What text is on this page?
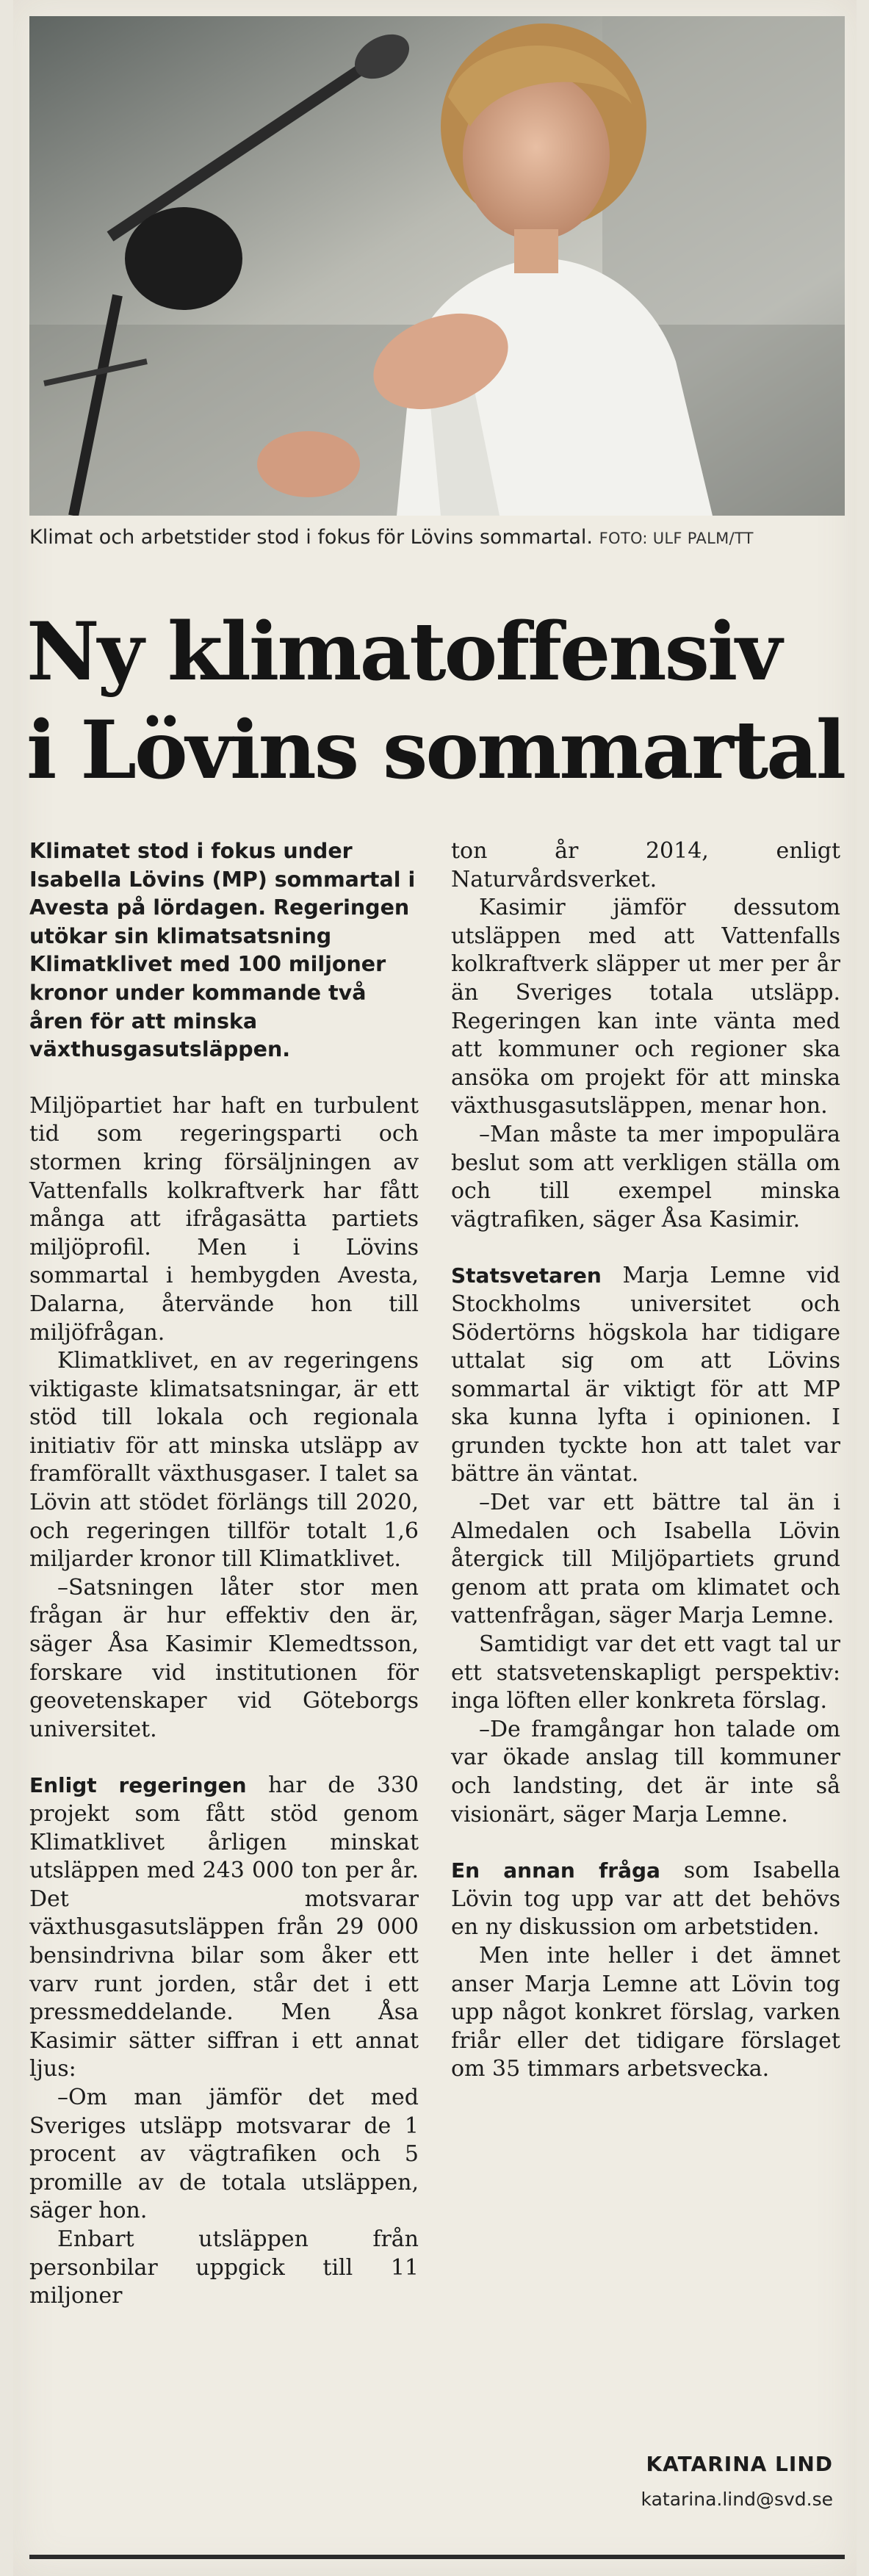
Klimat och arbetstider stod i fokus för Lövins sommartal. FOTO: ULF PALM/TT
Ny klimatoffensiv
i Lövins sommartal

Klimatet stod i fokus under Isabella Lövins (MP) sommartal i Avesta på lördagen. Regeringen utökar sin klimatsatsning Klimatklivet med 100 miljoner kronor under kommande två åren för att minska växthusgasutsläppen.

Miljöpartiet har haft en turbulent tid som regeringsparti och stormen kring försäljningen av Vattenfalls kolkraftverk har fått många att ifrågasätta partiets miljöprofil. Men i Lövins sommartal i hembygden Avesta, Dalarna, återvände hon till miljöfrågan.

Klimatklivet, en av regeringens viktigaste klimatsatsningar, är ett stöd till lokala och regionala initiativ för att minska utsläpp av framförallt växthusgaser. I talet sa Lövin att stödet förlängs till 2020, och regeringen tillför totalt 1,6 miljarder kronor till Klimatklivet.

–Satsningen låter stor men frågan är hur effektiv den är, säger Åsa Kasimir Klemedtsson, forskare vid institutionen för geovetenskaper vid Göteborgs universitet.

Enligt regeringen har de 330 projekt som fått stöd genom Klimatklivet årligen minskat utsläppen med 243 000 ton per år. Det motsvarar växthusgasutsläppen från 29 000 bensindrivna bilar som åker ett varv runt jorden, står det i ett pressmeddelande. Men Åsa Kasimir sätter siffran i ett annat ljus:

–Om man jämför det med Sveriges utsläpp motsvarar de 1 procent av vägtrafiken och 5 promille av de totala utsläppen, säger hon.

Enbart utsläppen från personbilar uppgick till 11 miljoner

ton år 2014, enligt Naturvårdsverket.

Kasimir jämför dessutom utsläppen med att Vattenfalls kolkraftverk släpper ut mer per år än Sveriges totala utsläpp. Regeringen kan inte vänta med att kommuner och regioner ska ansöka om projekt för att minska växthusgasutsläppen, menar hon.

–Man måste ta mer impopulära beslut som att verkligen ställa om och till exempel minska vägtrafiken, säger Åsa Kasimir.

Statsvetaren Marja Lemne vid Stockholms universitet och Södertörns högskola har tidigare uttalat sig om att Lövins sommartal är viktigt för att MP ska kunna lyfta i opinionen. I grunden tyckte hon att talet var bättre än väntat.

–Det var ett bättre tal än i Almedalen och Isabella Lövin återgick till Miljöpartiets grund genom att prata om klimatet och vattenfrågan, säger Marja Lemne.

Samtidigt var det ett vagt tal ur ett statsvetenskapligt perspektiv: inga löften eller konkreta förslag.

–De framgångar hon talade om var ökade anslag till kommuner och landsting, det är inte så visionärt, säger Marja Lemne.

En annan fråga som Isabella Lövin tog upp var att det behövs en ny diskussion om arbetstiden.

Men inte heller i det ämnet anser Marja Lemne att Lövin tog upp något konkret förslag, varken friår eller det tidigare förslaget om 35 timmars arbetsvecka.

KATARINA LIND
katarina.lind@svd.se
